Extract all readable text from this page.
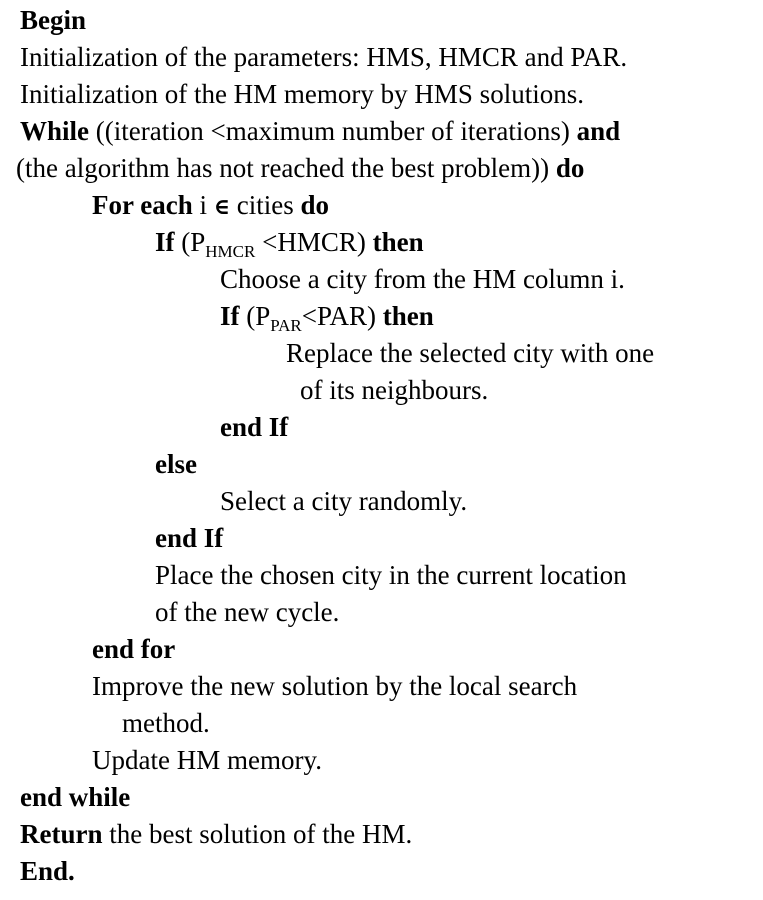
Begin
Initialization of the parameters: HMS, HMCR and PAR.
Initialization of the HM memory by HMS solutions.
While ((iteration <maximum number of iterations) and
(the algorithm has not reached the best problem)) do
For each i ∈ cities do
If ($P_{HMCR}$ <HMCR) then
Choose a city from the HM column i.
If $(P_{PAR}<PAR)$ then
Replace the selected city with one
of its neighbours.
end If
else
Select a city randomly.
end If
Place the chosen city in the current location
of the new cycle.
end for
Improve the new solution by the local search
method.
Update HM memory.
end while
Return the best solution of the HM.
End.
